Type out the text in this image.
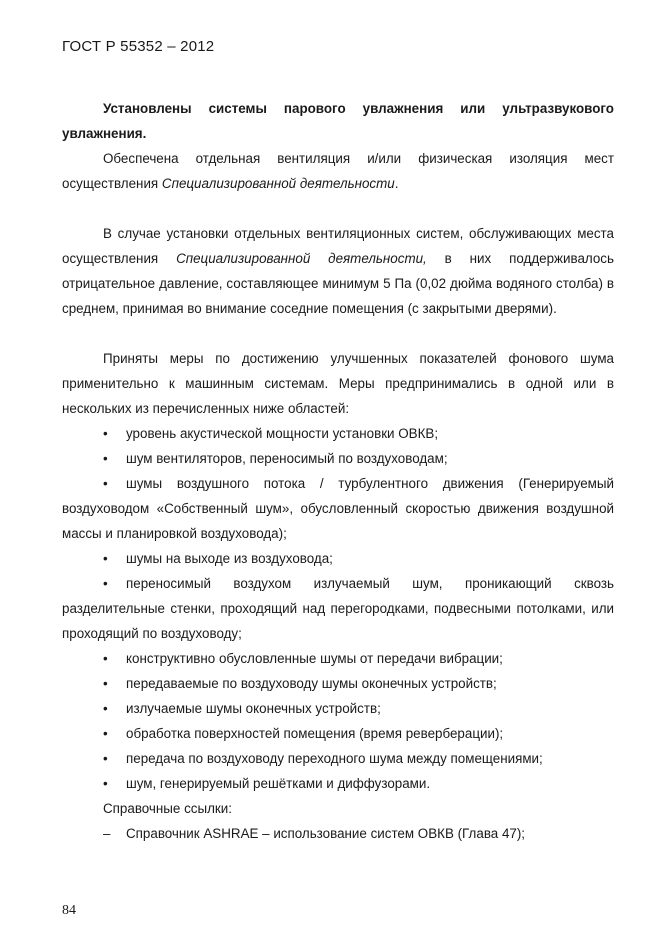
ГОСТ Р 55352 – 2012

Установлены системы парового увлажнения или ультразвукового увлажнения.

Обеспечена отдельная вентиляция и/или физическая изоляция мест осуществления Специализированной деятельности.

В случае установки отдельных вентиляционных систем, обслуживающих места осуществления Специализированной деятельности, в них поддерживалось отрицательное давление, составляющее минимум 5 Па (0,02 дюйма водяного столба) в среднем, принимая во внимание соседние помещения (с закрытыми дверями).

Приняты меры по достижению улучшенных показателей фонового шума применительно к машинным системам. Меры предпринимались в одной или в нескольких из перечисленных ниже областей:

•	уровень акустической мощности установки ОВКВ;
•	шум вентиляторов, переносимый по воздуховодам;
•	шумы воздушного потока / турбулентного движения (Генерируемый воздуховодом «Собственный шум», обусловленный скоростью движения воздушной массы и планировкой воздуховода);
•	шумы на выходе из воздуховода;
•	переносимый воздухом излучаемый шум, проникающий сквозь разделительные стенки, проходящий над перегородками, подвесными потолками, или проходящий по воздуховоду;
•	конструктивно обусловленные шумы от передачи вибрации;
•	передаваемые по воздуховоду шумы оконечных устройств;
•	излучаемые шумы оконечных устройств;
•	обработка поверхностей помещения (время реверберации);
•	передача по воздуховоду переходного шума между помещениями;
•	шум, генерируемый решётками и диффузорами.

Справочные ссылки:

– Справочник ASHRAE – использование систем ОВКВ (Глава 47);
84
